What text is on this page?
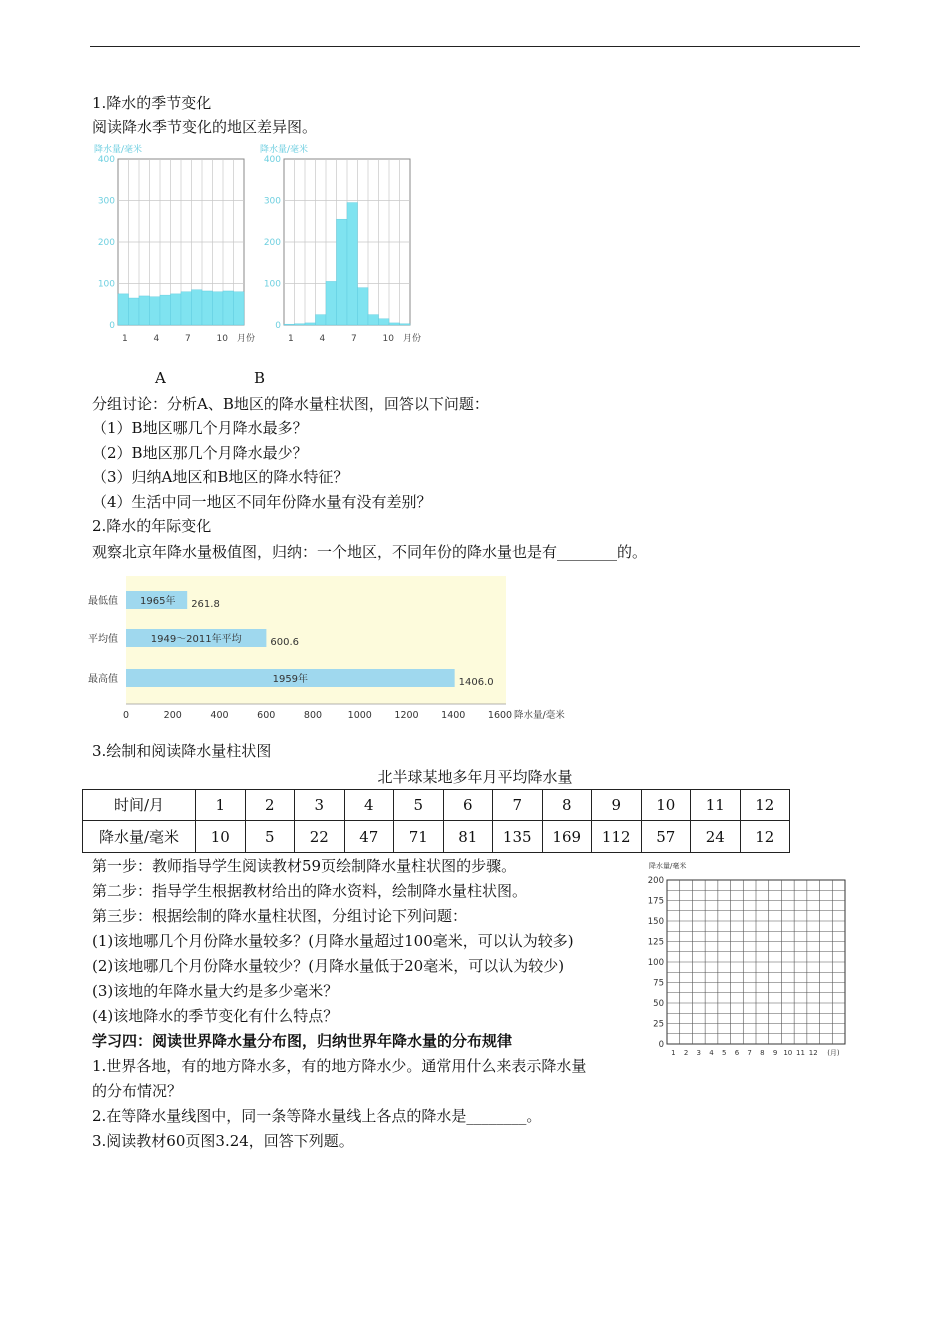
1.降水的季节变化
阅读降水季节变化的地区差异图。
降水量/毫米
0
100
200
300
400
1	4	7	10 月份
降水量/毫米
0
100
200
300
400
1	4	7	10 月份
A	B
分组讨论：分析A、B地区的降水量柱状图，回答以下问题：
（1）B地区哪几个月降水最多？
（2）B地区那几个月降水最少？
（3）归纳A地区和B地区的降水特征？
（4）生活中同一地区不同年份降水量有没有差别？
2.降水的年际变化
观察北京年降水量极值图，归纳：一个地区，不同年份的降水量也是有________的。
最低值 1965年 261.8
平均值	1949～2011年平均	600.6
最高值	1959年	1406.0
0	200	400	600	800	1000 1200 1400 1600 降水量/毫米
3.绘制和阅读降水量柱状图
北半球某地多年月平均降水量
时间/月	1	2	3	4	5	6	7	8	9	10	11	12
降水量/毫米	10	5	22	47	71	81	135	169	112	57	24	12
第一步：教师指导学生阅读教材59页绘制降水量柱状图的步骤。
第二步：指导学生根据教材给出的降水资料，绘制降水量柱状图。
第三步：根据绘制的降水量柱状图，分组讨论下列问题：
(1)该地哪几个月份降水量较多？(月降水量超过100毫米，可以认为较多)
(2)该地哪几个月份降水量较少？(月降水量低于20毫米，可以认为较少)
(3)该地的年降水量大约是多少毫米？
(4)该地降水的季节变化有什么特点？
降水量/毫米
0
25
50
75
100
125
150
175
200
1 2 3 4 5 6 7 8 9 10 11 12 (月)
学习四：阅读世界降水量分布图，归纳世界年降水量的分布规律
1.世界各地，有的地方降水多，有的地方降水少。通常用什么来表示降水量
的分布情况？
2.在等降水量线图中，同一条等降水量线上各点的降水是________。
3.阅读教材60页图3.24，回答下列题。
